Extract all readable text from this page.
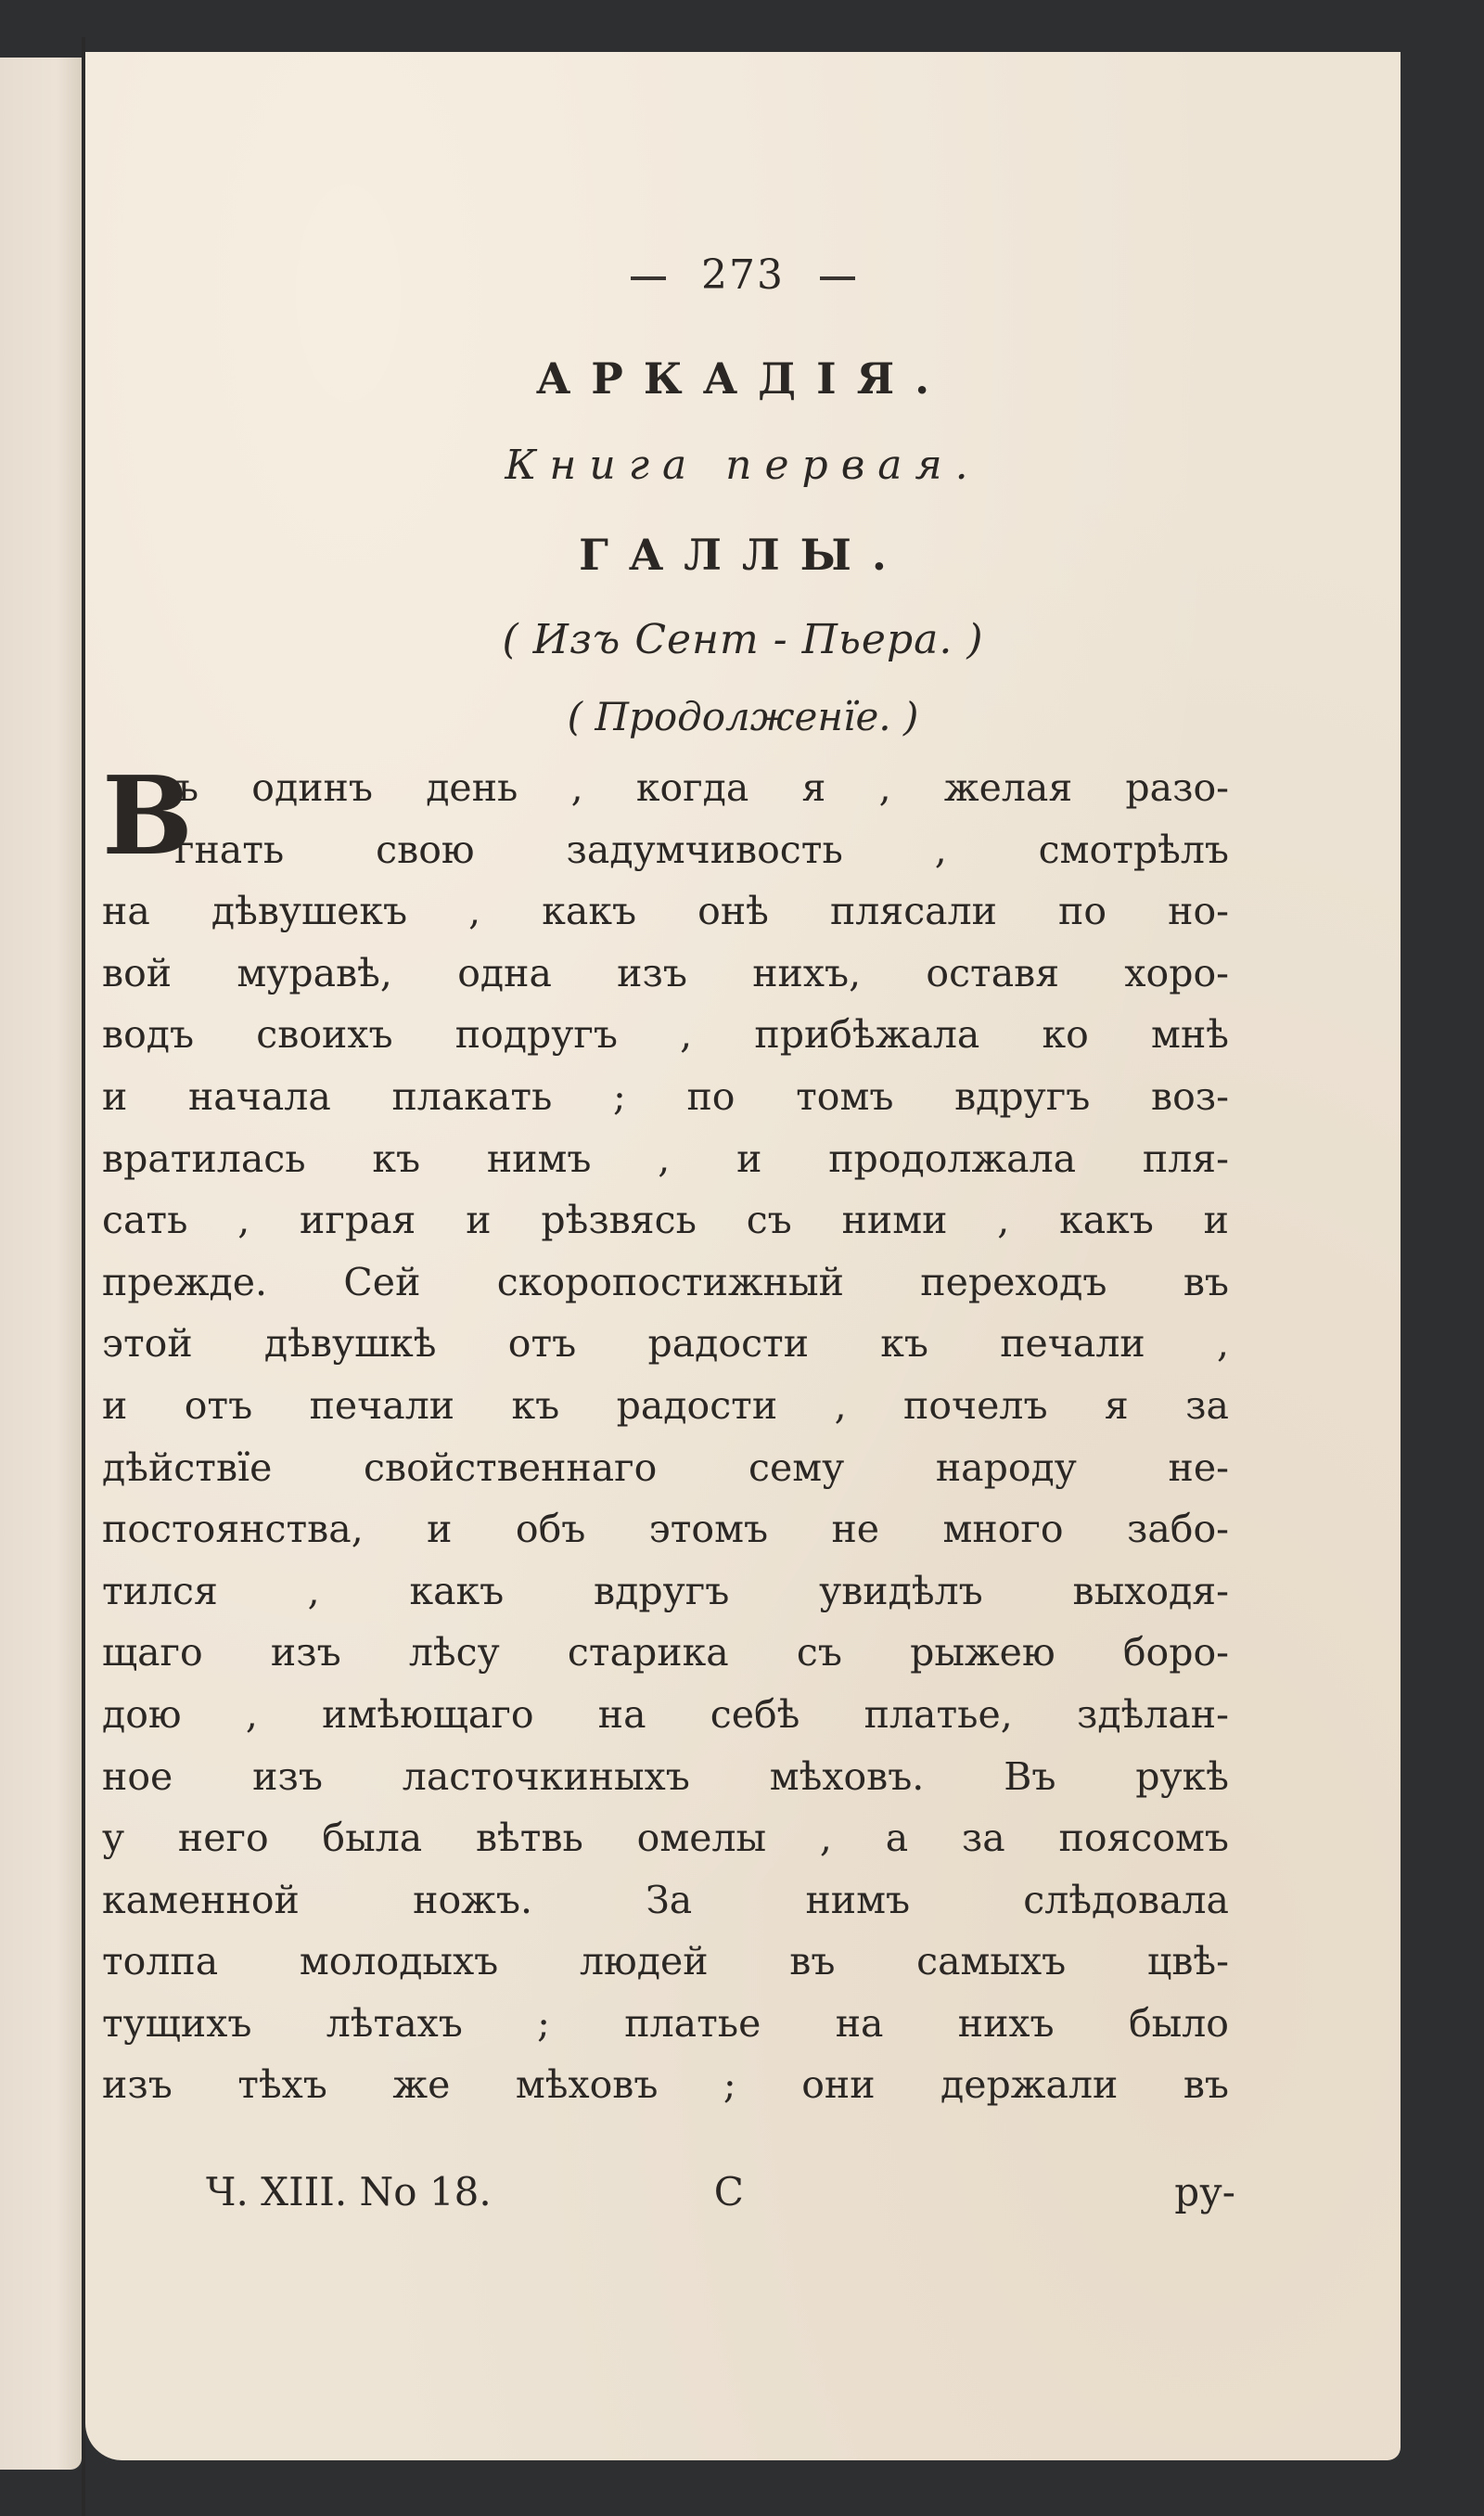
273
АРКАДІЯ.
Книга первая.
ГАЛЛЫ.
( Изъ Сент - Пьера. )
( Продолженїе. )
В
ъ одинъ день , когда я , желая разо-
гнать свою задумчивость , смотрѣлъ
на дѣвушекъ , какъ онѣ плясали по но-
вой муравѣ, одна изъ нихъ, оставя хоро-
водъ своихъ подругъ , прибѣжала ко мнѣ
и начала плакать ; по томъ вдругъ воз-
вратилась къ нимъ , и продолжала пля-
сать , играя и рѣзвясь съ ними , какъ и
прежде. Сей скоропостижный переходъ въ
этой дѣвушкѣ отъ радости къ печали ,
и отъ печали къ радости , почелъ я за
дѣйствїе свойственнаго сему народу не-
постоянства, и объ этомъ не много забо-
тился , какъ вдругъ увидѣлъ выходя-
щаго изъ лѣсу старика съ рыжею боро-
дою , имѣющаго на себѣ платье, здѣлан-
ное изъ ласточкиныхъ мѣховъ. Въ рукѣ
у него была вѣтвь омелы , а за поясомъ
каменной ножъ. За нимъ слѣдовала
толпа молодыхъ людей въ самыхъ цвѣ-
тущихъ лѣтахъ ; платье на нихъ было
изъ тѣхъ же мѣховъ ; они держали въ
Ч. XIII. No 18.	C	ру-
